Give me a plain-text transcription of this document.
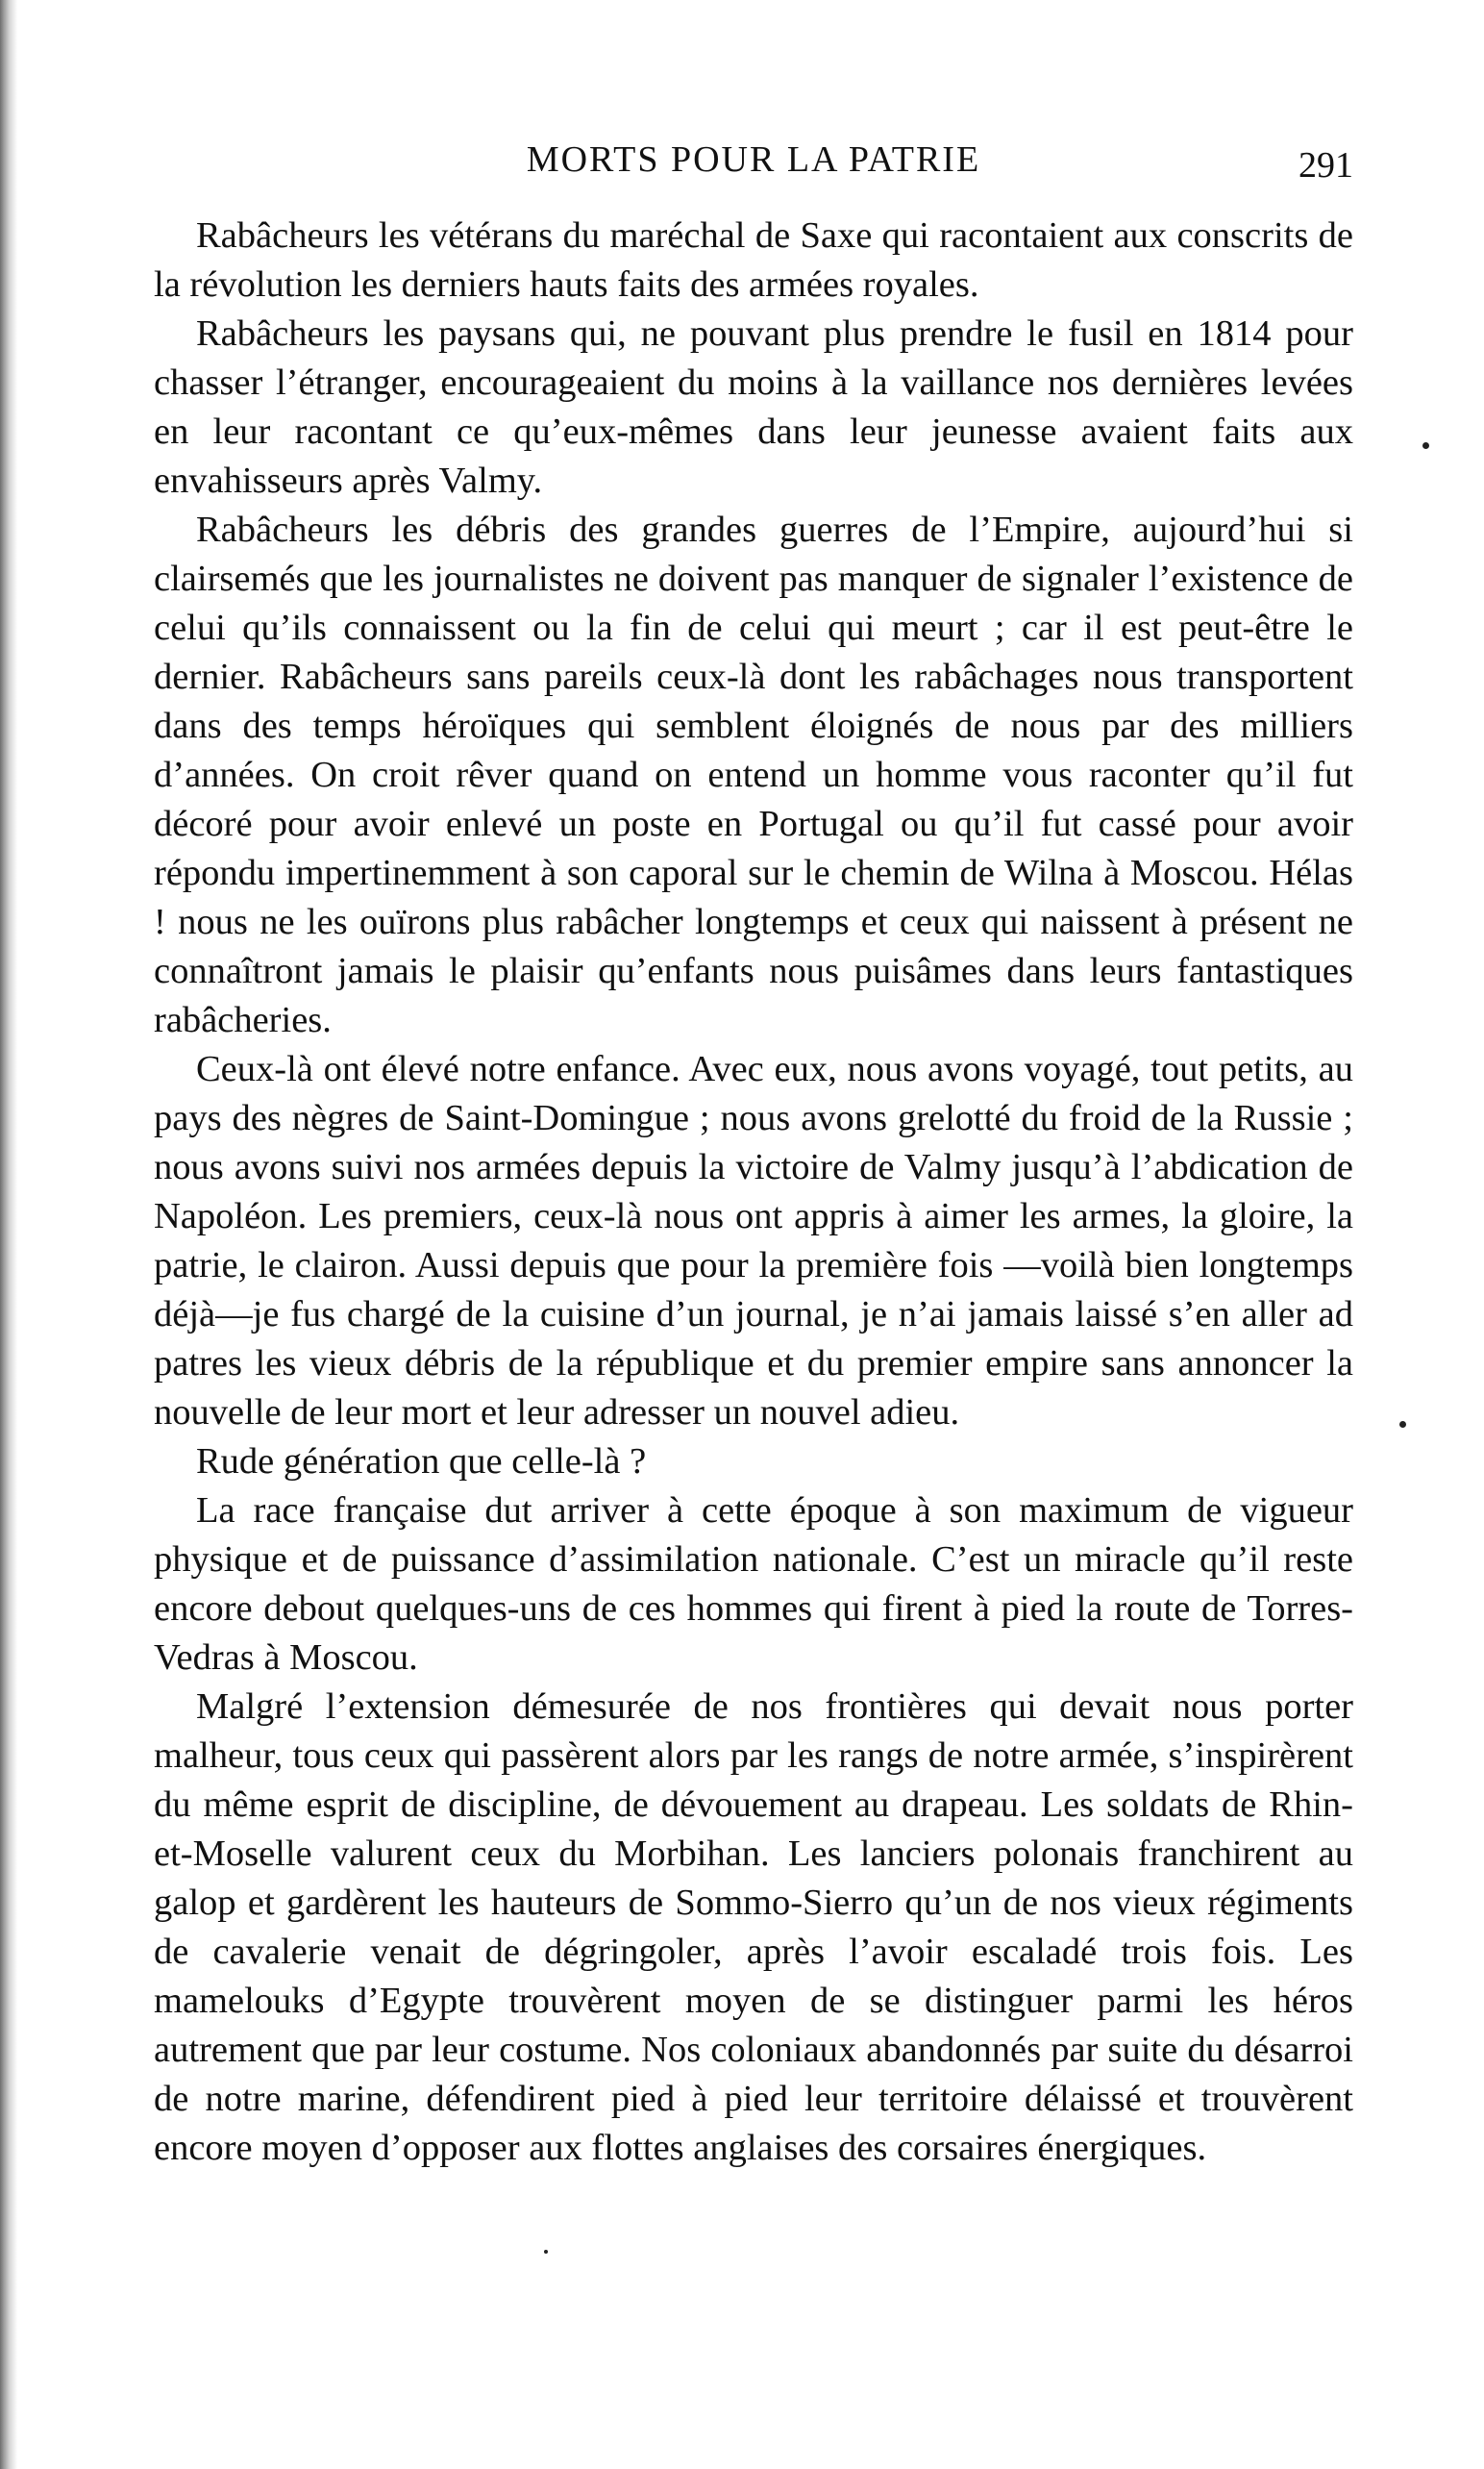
MORTS POUR LA PATRIE	291

Rabâcheurs les vétérans du maréchal de Saxe qui racontaient aux conscrits de la révolution les derniers hauts faits des armées royales.

Rabâcheurs les paysans qui, ne pouvant plus prendre le fusil en 1814 pour chasser l’étranger, encourageaient du moins à la vaillance nos dernières levées en leur racontant ce qu’eux-mêmes dans leur jeunesse avaient faits aux envahisseurs après Valmy.

Rabâcheurs les débris des grandes guerres de l’Empire, aujourd’hui si clairsemés que les journalistes ne doivent pas manquer de signaler l’existence de celui qu’ils connaissent ou la fin de celui qui meurt ; car il est peut-être le dernier. Rabâcheurs sans pareils ceux-là dont les rabâchages nous transportent dans des temps héroïques qui semblent éloignés de nous par des milliers d’années. On croit rêver quand on entend un homme vous raconter qu’il fut décoré pour avoir enlevé un poste en Portugal ou qu’il fut cassé pour avoir répondu impertinemment à son caporal sur le chemin de Wilna à Moscou. Hélas ! nous ne les ouïrons plus rabâcher longtemps et ceux qui naissent à présent ne connaîtront jamais le plaisir qu’enfants nous puisâmes dans leurs fantastiques rabâcheries.

Ceux-là ont élevé notre enfance. Avec eux, nous avons voyagé, tout petits, au pays des nègres de Saint-Domingue ; nous avons grelotté du froid de la Russie ; nous avons suivi nos armées depuis la victoire de Valmy jusqu’à l’abdication de Napoléon. Les premiers, ceux-là nous ont appris à aimer les armes, la gloire, la patrie, le clairon. Aussi depuis que pour la première fois —voilà bien longtemps déjà—je fus chargé de la cuisine d’un journal, je n’ai jamais laissé s’en aller ad patres les vieux débris de la république et du premier empire sans annoncer la nouvelle de leur mort et leur adresser un nouvel adieu.

Rude génération que celle-là ?

La race française dut arriver à cette époque à son maximum de vigueur physique et de puissance d’assimilation nationale. C’est un miracle qu’il reste encore debout quelques-uns de ces hommes qui firent à pied la route de Torres-Vedras à Moscou.

Malgré l’extension démesurée de nos frontières qui devait nous porter malheur, tous ceux qui passèrent alors par les rangs de notre armée, s’inspirèrent du même esprit de discipline, de dévouement au drapeau. Les soldats de Rhin-et-Moselle valurent ceux du Morbihan. Les lanciers polonais franchirent au galop et gardèrent les hauteurs de Sommo-Sierro qu’un de nos vieux régiments de cavalerie venait de dégringoler, après l’avoir escaladé trois fois. Les mamelouks d’Egypte trouvèrent moyen de se distinguer parmi les héros autrement que par leur costume. Nos coloniaux abandonnés par suite du désarroi de notre marine, défendirent pied à pied leur territoire délaissé et trouvèrent encore moyen d’opposer aux flottes anglaises des corsaires énergiques.
